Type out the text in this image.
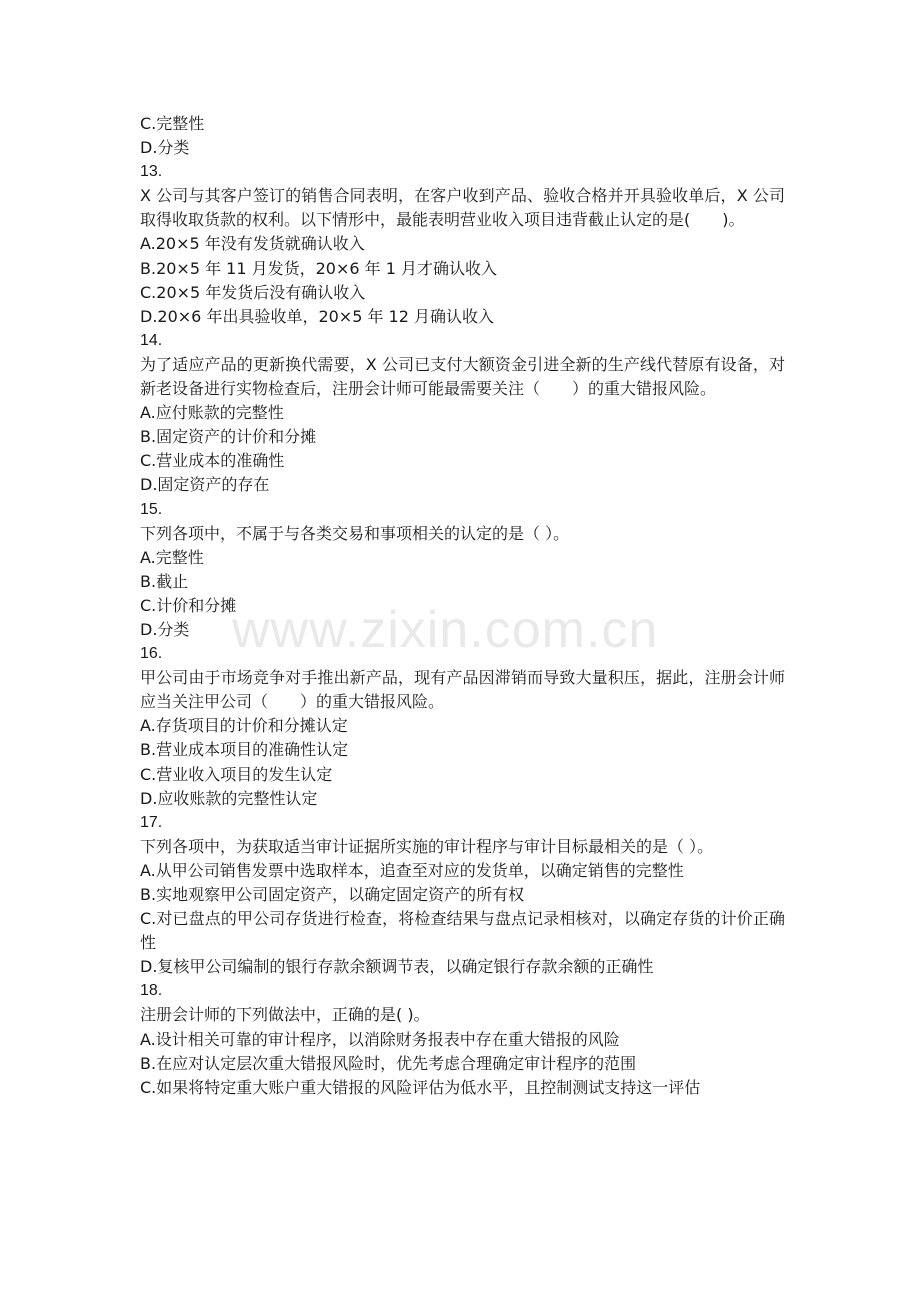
www.zixin.com.cn
C.完整性
D.分类
13.
X 公司与其客户签订的销售合同表明，在客户收到产品、验收合格并开具验收单后，X 公司取得收取货款的权利。以下情形中，最能表明营业收入项目违背截止认定的是(　　)。
A.20×5 年没有发货就确认收入
B.20×5 年 11 月发货，20×6 年 1 月才确认收入
C.20×5 年发货后没有确认收入
D.20×6 年出具验收单，20×5 年 12 月确认收入
14.
为了适应产品的更新换代需要，X 公司已支付大额资金引进全新的生产线代替原有设备，对新老设备进行实物检查后，注册会计师可能最需要关注（　　）的重大错报风险。
A.应付账款的完整性
B.固定资产的计价和分摊
C.营业成本的准确性
D.固定资产的存在
15.
下列各项中，不属于与各类交易和事项相关的认定的是（ ）。
A.完整性
B.截止
C.计价和分摊
D.分类
16.
甲公司由于市场竞争对手推出新产品，现有产品因滞销而导致大量积压，据此，注册会计师应当关注甲公司（　　）的重大错报风险。
A.存货项目的计价和分摊认定
B.营业成本项目的准确性认定
C.营业收入项目的发生认定
D.应收账款的完整性认定
17.
下列各项中，为获取适当审计证据所实施的审计程序与审计目标最相关的是（ ）。
A.从甲公司销售发票中选取样本，追查至对应的发货单，以确定销售的完整性
B.实地观察甲公司固定资产，以确定固定资产的所有权
C.对已盘点的甲公司存货进行检查，将检查结果与盘点记录相核对，以确定存货的计价正确性
D.复核甲公司编制的银行存款余额调节表，以确定银行存款余额的正确性
18.
注册会计师的下列做法中，正确的是( )。
A.设计相关可靠的审计程序，以消除财务报表中存在重大错报的风险
B.在应对认定层次重大错报风险时，优先考虑合理确定审计程序的范围
C.如果将特定重大账户重大错报的风险评估为低水平，且控制测试支持这一评估
